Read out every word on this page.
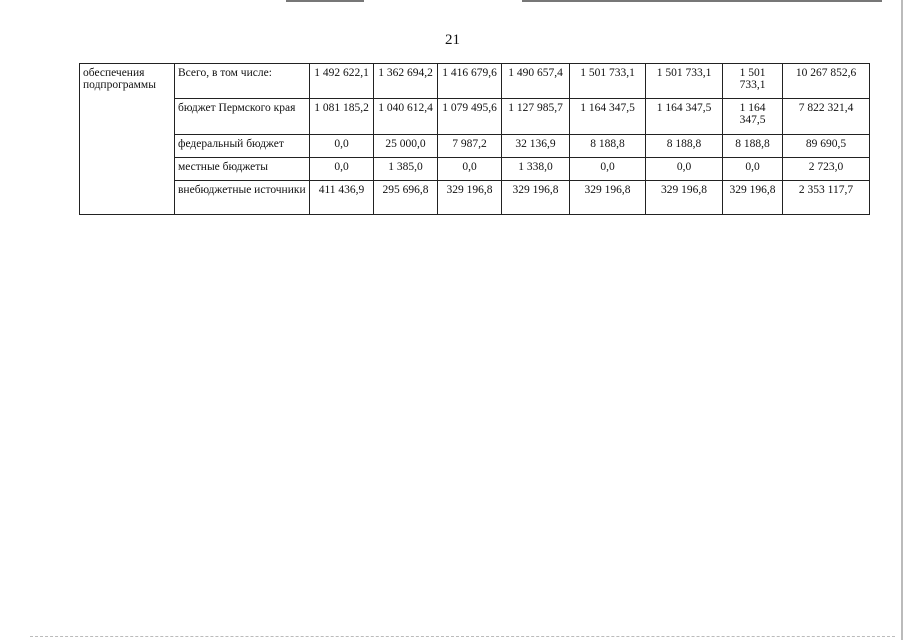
21
обеспечения подпрограммы	Всего, в том числе:	1 492 622,1	1 362 694,2	1 416 679,6	1 490 657,4	1 501 733,1	1 501 733,1	1 501 733,1	10 267 852,6
	бюджет Пермского края	1 081 185,2	1 040 612,4	1 079 495,6	1 127 985,7	1 164 347,5	1 164 347,5	1 164 347,5	7 822 321,4
	федеральный бюджет	0,0	25 000,0	7 987,2	32 136,9	8 188,8	8 188,8	8 188,8	89 690,5
	местные бюджеты	0,0	1 385,0	0,0	1 338,0	0,0	0,0	0,0	2 723,0
	внебюджетные источники	411 436,9	295 696,8	329 196,8	329 196,8	329 196,8	329 196,8	329 196,8	2 353 117,7
